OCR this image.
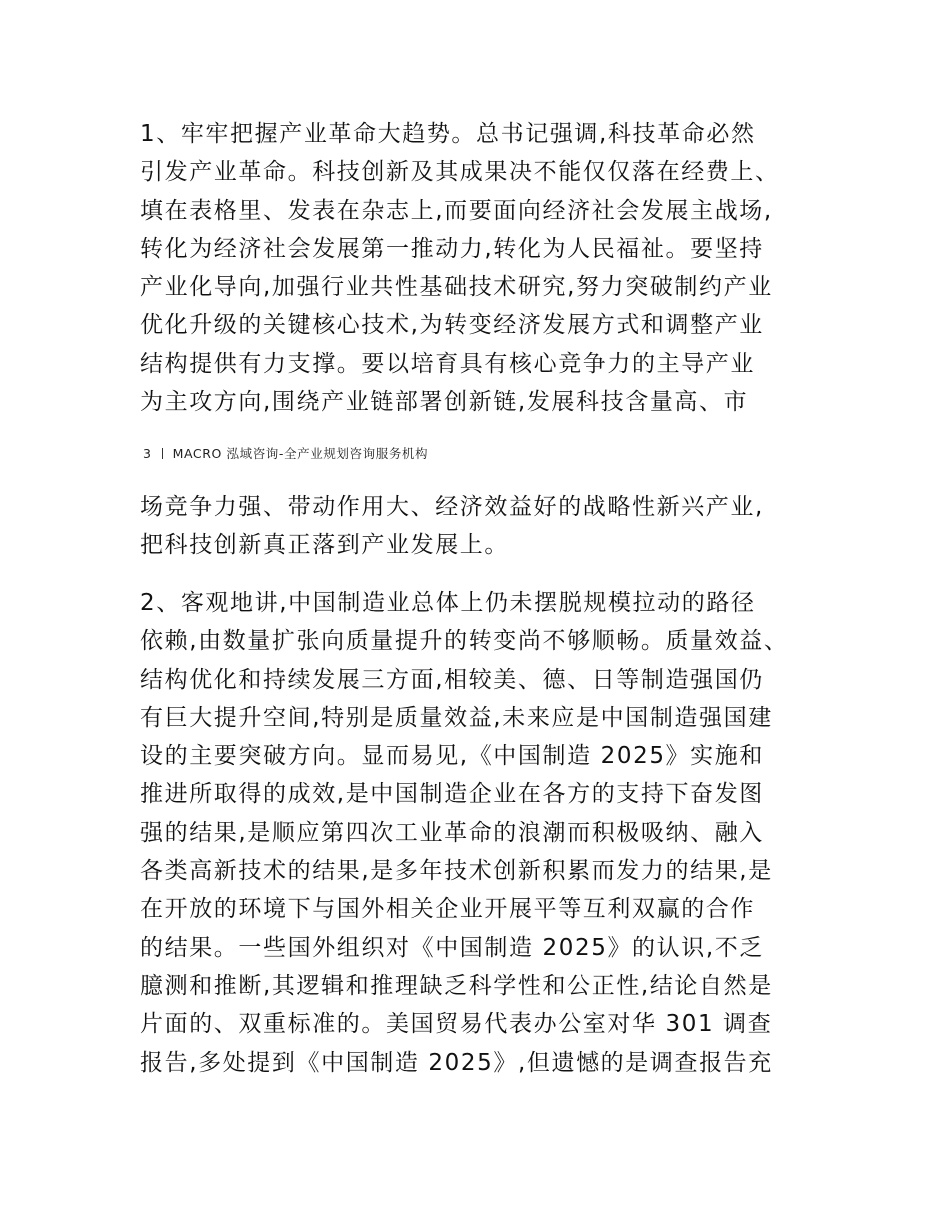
1、牢牢把握产业革命大趋势。总书记强调,科技革命必然
引发产业革命。科技创新及其成果决不能仅仅落在经费上、
填在表格里、发表在杂志上,而要面向经济社会发展主战场,
转化为经济社会发展第一推动力,转化为人民福祉。要坚持
产业化导向,加强行业共性基础技术研究,努力突破制约产业
优化升级的关键核心技术,为转变经济发展方式和调整产业
结构提供有力支撑。要以培育具有核心竞争力的主导产业
为主攻方向,围绕产业链部署创新链,发展科技含量高、市
3 MACRO 泓域咨询-全产业规划咨询服务机构
场竞争力强、带动作用大、经济效益好的战略性新兴产业,
把科技创新真正落到产业发展上。
2、客观地讲,中国制造业总体上仍未摆脱规模拉动的路径
依赖,由数量扩张向质量提升的转变尚不够顺畅。质量效益、
结构优化和持续发展三方面,相较美、德、日等制造强国仍
有巨大提升空间,特别是质量效益,未来应是中国制造强国建
设的主要突破方向。显而易见,《中国制造 2025》实施和
推进所取得的成效,是中国制造企业在各方的支持下奋发图
强的结果,是顺应第四次工业革命的浪潮而积极吸纳、融入
各类高新技术的结果,是多年技术创新积累而发力的结果,是
在开放的环境下与国外相关企业开展平等互利双赢的合作
的结果。一些国外组织对《中国制造 2025》的认识,不乏
臆测和推断,其逻辑和推理缺乏科学性和公正性,结论自然是
片面的、双重标准的。美国贸易代表办公室对华 301 调查
报告,多处提到《中国制造 2025》,但遗憾的是调查报告充
